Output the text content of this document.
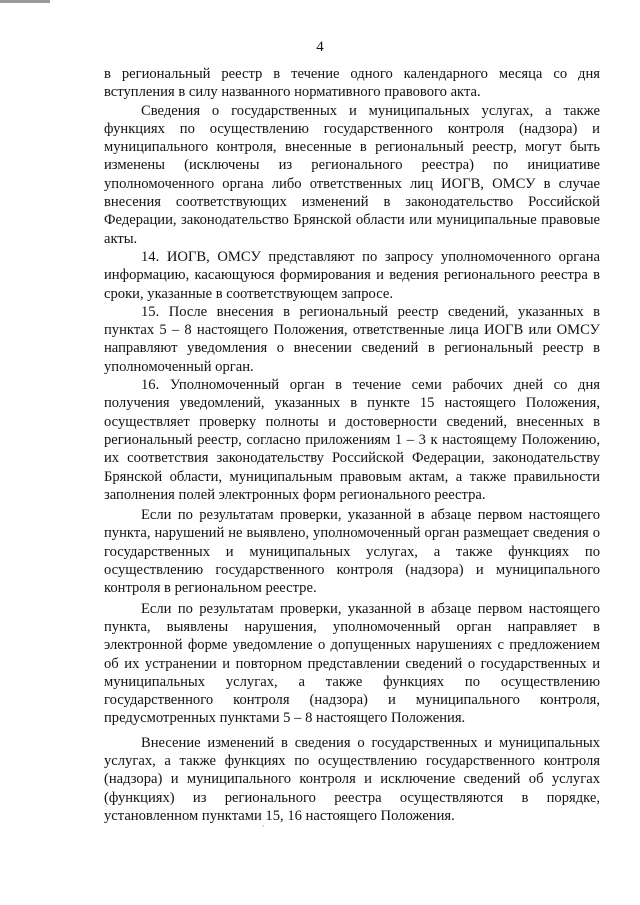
4

в региональный реестр в течение одного календарного месяца со дня вступления в силу названного нормативного правового акта.

Сведения о государственных и муниципальных услугах, а также функциях по осуществлению государственного контроля (надзора) и муниципального контроля, внесенные в региональный реестр, могут быть изменены (исключены из регионального реестра) по инициативе уполномоченного органа либо ответственных лиц ИОГВ, ОМСУ в случае внесения соответствующих изменений в законодательство Российской Федерации, законодательство Брянской области или муниципальные правовые акты.

14. ИОГВ, ОМСУ представляют по запросу уполномоченного органа информацию, касающуюся формирования и ведения регионального реестра в сроки, указанные в соответствующем запросе.

15. После внесения в региональный реестр сведений, указанных в пунктах 5 – 8 настоящего Положения, ответственные лица ИОГВ или ОМСУ направляют уведомления о внесении сведений в региональный реестр в уполномоченный орган.

16. Уполномоченный орган в течение семи рабочих дней со дня получения уведомлений, указанных в пункте 15 настоящего Положения, осуществляет проверку полноты и достоверности сведений, внесенных в региональный реестр, согласно приложениям 1 – 3 к настоящему Положению, их соответствия законодательству Российской Федерации, законодательству Брянской области, муниципальным правовым актам, а также правильности заполнения полей электронных форм регионального реестра.

Если по результатам проверки, указанной в абзаце первом настоящего пункта, нарушений не выявлено, уполномоченный орган размещает сведения о государственных и муниципальных услугах, а также функциях по осуществлению государственного контроля (надзора) и муниципального контроля в региональном реестре.

Если по результатам проверки, указанной в абзаце первом настоящего пункта, выявлены нарушения, уполномоченный орган направляет в электронной форме уведомление о допущенных нарушениях с предложением об их устранении и повторном представлении сведений о государственных и муниципальных услугах, а также функциях по осуществлению государственного контроля (надзора) и муниципального контроля, предусмотренных пунктами 5 – 8 настоящего Положения.

Внесение изменений в сведения о государственных и муниципальных услугах, а также функциях по осуществлению государственного контроля (надзора) и муниципального контроля и исключение сведений об услугах (функциях) из регионального реестра осуществляются в порядке, установленном пунктами 15, 16 настоящего Положения.
